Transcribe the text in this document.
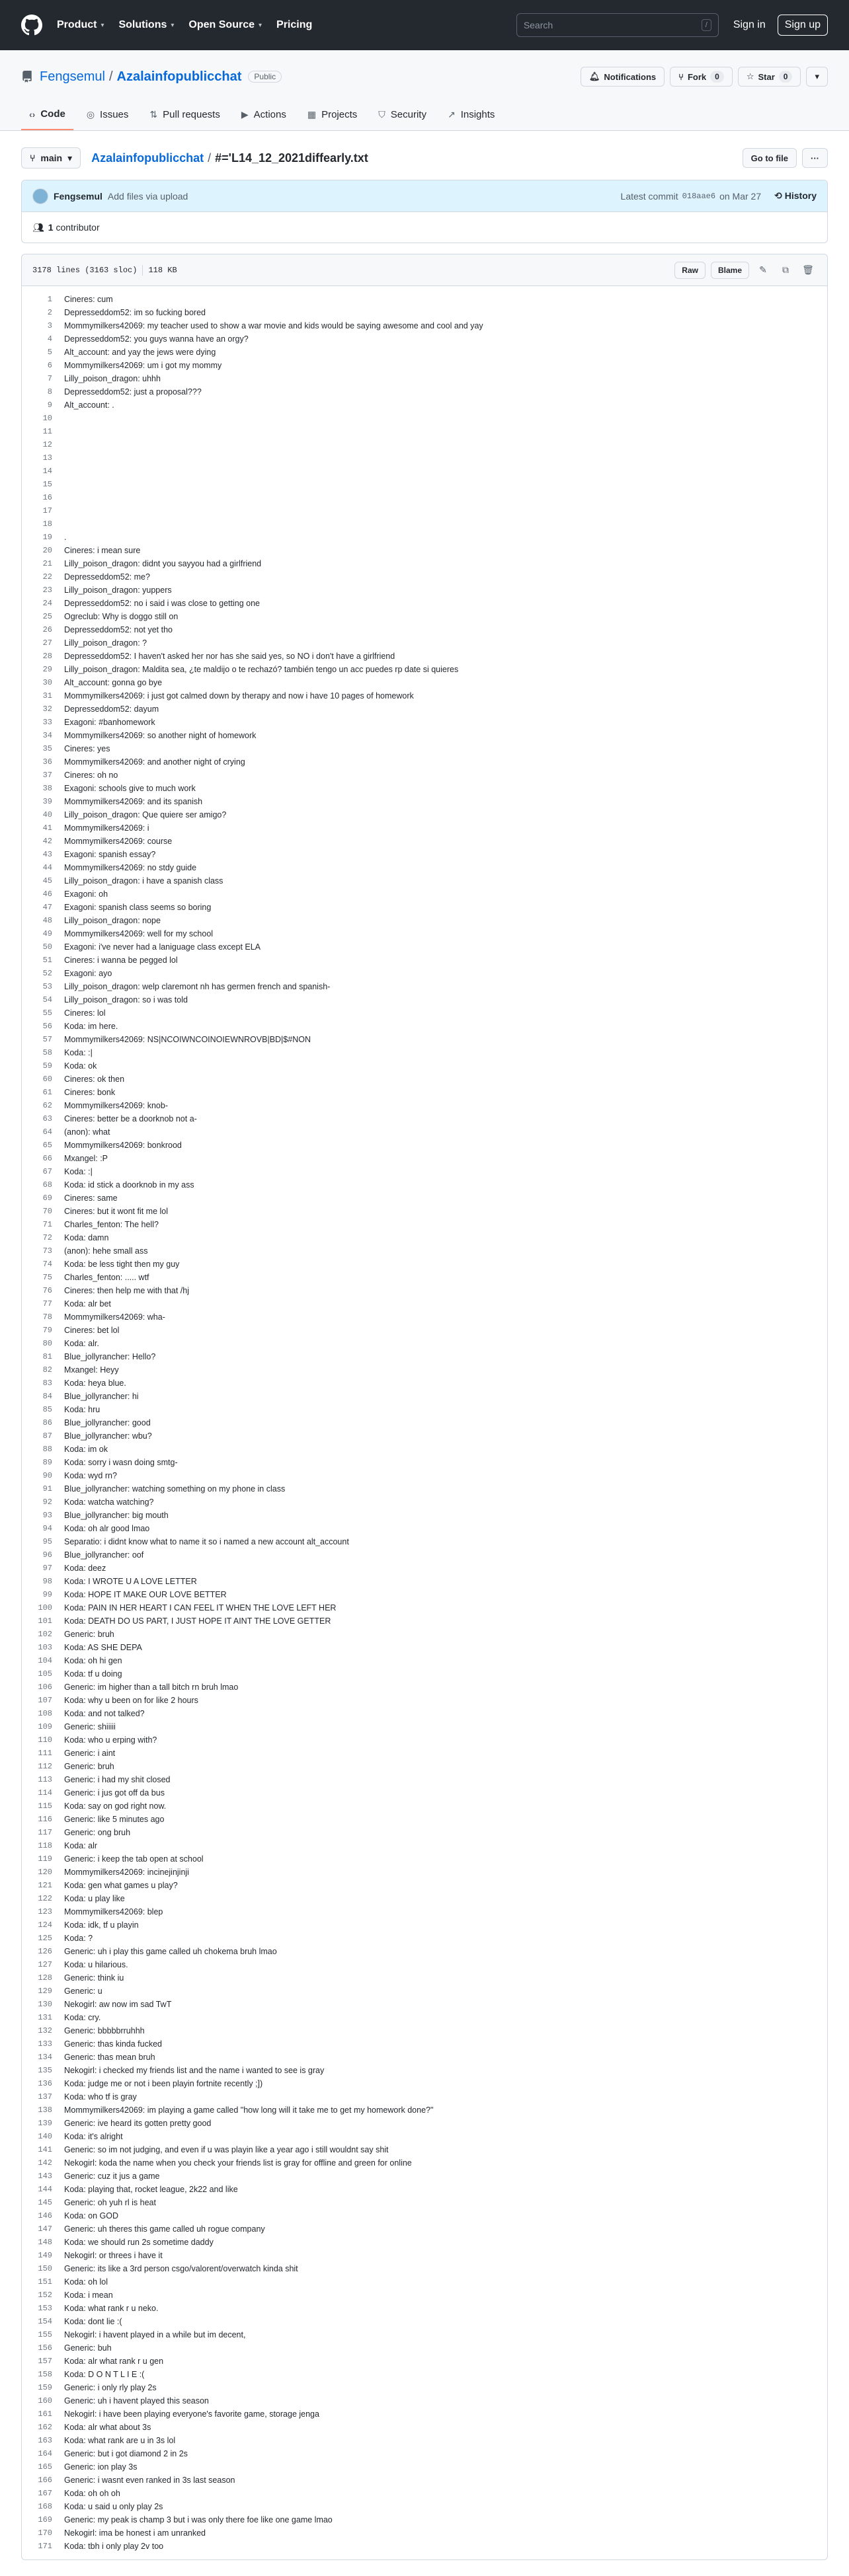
Product ▾ Solutions ▾ Open Source ▾ Pricing
Search	/	Sign in	Sign up
Fengsemul / Azalainfopublicchat	Public	🔔︎ Notifications	⑂ Fork	0	☆ Star	0	▾
‹› Code ◎ Issues ⇅ Pull requests ▶ Actions ▦ Projects ⛉ Security ↗ Insights
⑂ main ▾ Azalainfopublicchat / #='L14_12_2021diffearly.txt	Go to file	···
Fengsemul Add files via upload	Latest commit 018aae6 on Mar 27 ⟲ History
👥︎ 1
contributor
3178 lines (3163 sloc) 118 KB	Raw	Blame	✎	⧉	🗑︎
1	Cineres: cum
2	Depresseddom52: im so fucking bored
3	Mommymilkers42069: my teacher used to show a war movie and kids would be saying awesome and cool and yay
4	Depresseddom52: you guys wanna have an orgy?
5	Alt_account: and yay the jews were dying
6	Mommymilkers42069: um i got my mommy
7	Lilly_poison_dragon: uhhh
8	Depresseddom52: just a proposal???
9	Alt_account: .
10
11
12
13
14
15
16
17
18
19	.
20	Cineres: i mean sure
21	Lilly_poison_dragon: didnt you sayyou had a girlfriend
22	Depresseddom52: me?
23	Lilly_poison_dragon: yuppers
24	Depresseddom52: no i said i was close to getting one
25	Ogreclub: Why is doggo still on
26	Depresseddom52: not yet tho
27	Lilly_poison_dragon: ?
28	Depresseddom52: I haven't asked her nor has she said yes, so NO i don't have a girlfriend
29	Lilly_poison_dragon: Maldita sea, ¿te maldijo o te rechazó? también tengo un acc puedes rp date si quieres
30	Alt_account: gonna go bye
31	Mommymilkers42069: i just got calmed down by therapy and now i have 10 pages of homework
32	Depresseddom52: dayum
33	Exagoni: #banhomework
34	Mommymilkers42069: so another night of homework
35	Cineres: yes
36	Mommymilkers42069: and another night of crying
37	Cineres: oh no
38	Exagoni: schools give to much work
39	Mommymilkers42069: and its spanish
40	Lilly_poison_dragon: Que quiere ser amigo?
41	Mommymilkers42069: i
42	Mommymilkers42069: course
43	Exagoni: spanish essay?
44	Mommymilkers42069: no stdy guide
45	Lilly_poison_dragon: i have a spanish class
46	Exagoni: oh
47	Exagoni: spanish class seems so boring
48	Lilly_poison_dragon: nope
49	Mommymilkers42069: well for my school
50	Exagoni: i've never had a laniguage class except ELA
51	Cineres: i wanna be pegged lol
52	Exagoni: ayo
53	Lilly_poison_dragon: welp claremont nh has germen french and spanish-
54	Lilly_poison_dragon: so i was told
55	Cineres: lol
56	Koda: im here.
57	Mommymilkers42069: NS|NCOIWNCOINOIEWNROVB|BD|$#NON
58	Koda: :|
59	Koda: ok
60	Cineres: ok then
61	Cineres: bonk
62	Mommymilkers42069: knob-
63	Cineres: better be a doorknob not a-
64	(anon): what
65	Mommymilkers42069: bonkrood
66	Mxangel: :P
67	Koda: :|
68	Koda: id stick a doorknob in my ass
69	Cineres: same
70	Cineres: but it wont fit me lol
71	Charles_fenton: The hell?
72	Koda: damn
73	(anon): hehe small ass
74	Koda: be less tight then my guy
75	Charles_fenton: ..... wtf
76	Cineres: then help me with that /hj
77	Koda: alr bet
78	Mommymilkers42069: wha-
79	Cineres: bet lol
80	Koda: alr.
81	Blue_jollyrancher: Hello?
82	Mxangel: Heyy
83	Koda: heya blue.
84	Blue_jollyrancher: hi
85	Koda: hru
86	Blue_jollyrancher: good
87	Blue_jollyrancher: wbu?
88	Koda: im ok
89	Koda: sorry i wasn doing smtg-
90	Koda: wyd rn?
91	Blue_jollyrancher: watching something on my phone in class
92	Koda: watcha watching?
93	Blue_jollyrancher: big mouth
94	Koda: oh alr good lmao
95	Separatio: i didnt know what to name it so i named a new account alt_account
96	Blue_jollyrancher: oof
97	Koda: deez
98	Koda: I WROTE U A LOVE LETTER
99	Koda: HOPE IT MAKE OUR LOVE BETTER
100	Koda: PAIN IN HER HEART I CAN FEEL IT WHEN THE LOVE LEFT HER
101	Koda: DEATH DO US PART, I JUST HOPE IT AINT THE LOVE GETTER
102	Generic: bruh
103	Koda: AS SHE DEPA
104	Koda: oh hi gen
105	Koda: tf u doing
106	Generic: im higher than a tall bitch rn bruh lmao
107	Koda: why u been on for like 2 hours
108	Koda: and not talked?
109	Generic: shiiiii
110	Koda: who u erping with?
111	Generic: i aint
112	Generic: bruh
113	Generic: i had my shit closed
114	Generic: i jus got off da bus
115	Koda: say on god right now.
116	Generic: like 5 minutes ago
117	Generic: ong bruh
118	Koda: alr
119	Generic: i keep the tab open at school
120	Mommymilkers42069: incinejinjinji
121	Koda: gen what games u play?
122	Koda: u play like
123	Mommymilkers42069: blep
124	Koda: idk, tf u playin
125	Koda: ?
126	Generic: uh i play this game called uh chokema bruh lmao
127	Koda: u hilarious.
128	Generic: think iu
129	Generic: u
130	Nekogirl: aw now im sad TwT
131	Koda: cry.
132	Generic: bbbbbrruhhh
133	Generic: thas kinda fucked
134	Generic: thas mean bruh
135	Nekogirl: i checked my friends list and the name i wanted to see is gray
136	Koda: judge me or not i been playin fortnite recently ;])
137	Koda: who tf is gray
138	Mommymilkers42069: im playing a game called "how long will it take me to get my homework done?"
139	Generic: ive heard its gotten pretty good
140	Koda: it's alright
141	Generic: so im not judging, and even if u was playin like a year ago i still wouldnt say shit
142	Nekogirl: koda the name when you check your friends list is gray for offline and green for online
143	Generic: cuz it jus a game
144	Koda: playing that, rocket league, 2k22 and like
145	Generic: oh yuh rl is heat
146	Koda: on GOD
147	Generic: uh theres this game called uh rogue company
148	Koda: we should run 2s sometime daddy
149	Nekogirl: or threes i have it
150	Generic: its like a 3rd person csgo/valorent/overwatch kinda shit
151	Koda: oh lol
152	Koda: i mean
153	Koda: what rank r u neko.
154	Koda: dont lie :(
155	Nekogirl: i havent played in a while but im decent,
156	Generic: buh
157	Koda: alr what rank r u gen
158	Koda: D O N T L I E :(
159	Generic: i only rly play 2s
160	Generic: uh i havent played this season
161	Nekogirl: i have been playing everyone's favorite game, storage jenga
162	Koda: alr what about 3s
163	Koda: what rank are u in 3s lol
164	Generic: but i got diamond 2 in 2s
165	Generic: ion play 3s
166	Generic: i wasnt even ranked in 3s last season
167	Koda: oh oh oh
168	Koda: u said u only play 2s
169	Generic: my peak is champ 3 but i was only there foe like one game lmao
170	Nekogirl: ima be honest i am unranked
171	Koda: tbh i only play 2v too
